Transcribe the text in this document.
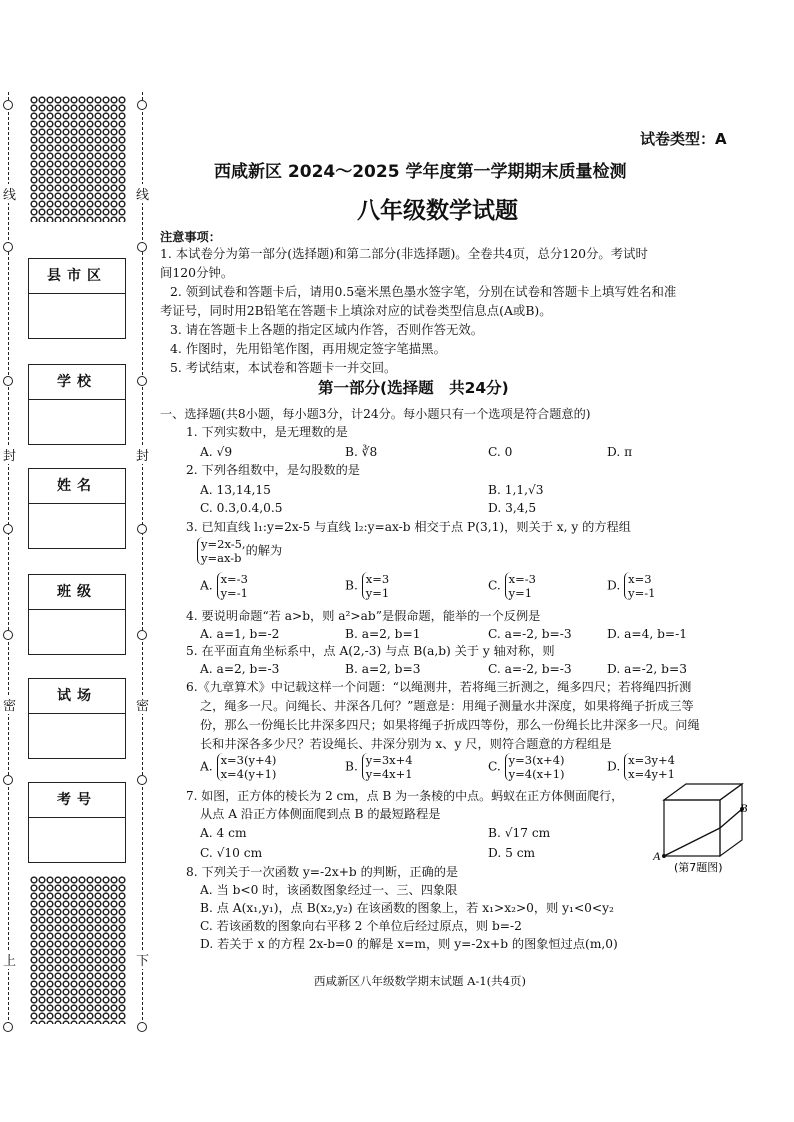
线	线
封	封
密	密
上	下
县市区
学校
姓名
班级
试场
考号
试卷类型：A
西咸新区 2024～2025 学年度第一学期期末质量检测
八年级数学试题
注意事项：
1. 本试卷分为第一部分(选择题)和第二部分(非选择题)。全卷共4页，总分120分。考试时
间120分钟。
2. 领到试卷和答题卡后，请用0.5毫米黑色墨水签字笔，分别在试卷和答题卡上填写姓名和准
考证号，同时用2B铅笔在答题卡上填涂对应的试卷类型信息点(A或B)。
3. 请在答题卡上各题的指定区域内作答，否则作答无效。
4. 作图时，先用铅笔作图，再用规定签字笔描黑。
5. 考试结束，本试卷和答题卡一并交回。
第一部分(选择题　共24分)
一、选择题(共8小题，每小题3分，计24分。每小题只有一个选项是符合题意的)
1. 下列实数中，是无理数的是
A. √9	B. ∛8	C. 0	D. π
2. 下列各组数中，是勾股数的是
A. 13,14,15	B. 1,1,√3
C. 0.3,0.4,0.5	D. 3,4,5
3. 已知直线 l₁:y=2x-5 与直线 l₂:y=ax-b 相交于点 P(3,1)，则关于 x, y 的方程组
y=2x-5,
y=ax-b的解为
A. x=-3
y=-1
B. x=3
y=1
C. x=-3
y=1
D. x=3
y=-1
4. 要说明命题“若 a>b，则 a²>ab”是假命题，能举的一个反例是
A. a=1, b=-2	B. a=2, b=1	C. a=-2, b=-3	D. a=4, b=-1
5. 在平面直角坐标系中，点 A(2,-3) 与点 B(a,b) 关于 y 轴对称，则
A. a=2, b=-3	B. a=2, b=3	C. a=-2, b=-3	D. a=-2, b=3
6.《九章算术》中记载这样一个问题：“以绳测井，若将绳三折测之，绳多四尺；若将绳四折测
之，绳多一尺。问绳长、井深各几何？”题意是：用绳子测量水井深度，如果将绳子折成三等
份，那么一份绳长比井深多四尺；如果将绳子折成四等份，那么一份绳长比井深多一尺。问绳
长和井深各多少尺？若设绳长、井深分别为 x、y 尺，则符合题意的方程组是
A. x=3(y+4)
x=4(y+1)
B. y=3x+4
y=4x+1
C. y=3(x+4)
y=4(x+1)
D. x=3y+4
x=4y+1
7. 如图，正方体的棱长为 2 cm，点 B 为一条棱的中点。蚂蚁在正方体侧面爬行，
从点 A 沿正方体侧面爬到点 B 的最短路程是
A. 4 cm	B. √17 cm
C. √10 cm	D. 5 cm	A
B
(第7题图)
8. 下列关于一次函数 y=-2x+b 的判断，正确的是
A. 当 b<0 时，该函数图象经过一、三、四象限
B. 点 A(x₁,y₁)，点 B(x₂,y₂) 在该函数的图象上，若 x₁>x₂>0，则 y₁<0<y₂
C. 若该函数的图象向右平移 2 个单位后经过原点，则 b=-2
D. 若关于 x 的方程 2x-b=0 的解是 x=m，则 y=-2x+b 的图象恒过点(m,0)
西咸新区八年级数学期末试题 A-1(共4页)
